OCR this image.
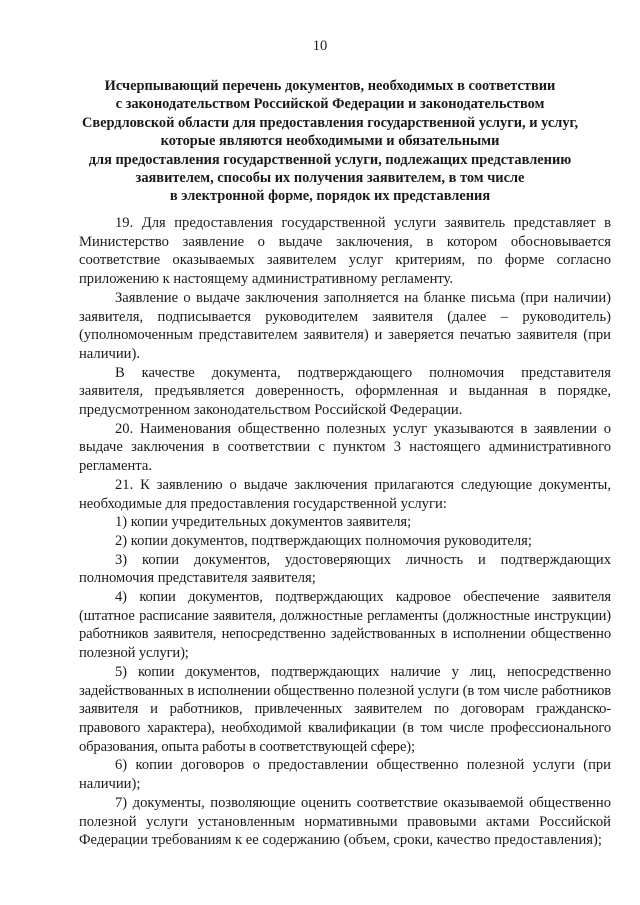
10
Исчерпывающий перечень документов, необходимых в соответствии
с законодательством Российской Федерации и законодательством
Свердловской области для предоставления государственной услуги, и услуг,
которые являются необходимыми и обязательными
для предоставления государственной услуги, подлежащих представлению
заявителем, способы их получения заявителем, в том числе
в электронной форме, порядок их представления

19. Для предоставления государственной услуги заявитель представляет в Министерство заявление о выдаче заключения, в котором обосновывается соответствие оказываемых заявителем услуг критериям, по форме согласно приложению к настоящему административному регламенту.

Заявление о выдаче заключения заполняется на бланке письма (при наличии) заявителя, подписывается руководителем заявителя (далее – руководитель) (уполномоченным представителем заявителя) и заверяется печатью заявителя (при наличии).

В качестве документа, подтверждающего полномочия представителя заявителя, предъявляется доверенность, оформленная и выданная в порядке, предусмотренном законодательством Российской Федерации.

20. Наименования общественно полезных услуг указываются в заявлении о выдаче заключения в соответствии с пунктом 3 настоящего административного регламента.

21. К заявлению о выдаче заключения прилагаются следующие документы, необходимые для предоставления государственной услуги:

1) копии учредительных документов заявителя;

2) копии документов, подтверждающих полномочия руководителя;

3) копии документов, удостоверяющих личность и подтверждающих полномочия представителя заявителя;

4) копии документов, подтверждающих кадровое обеспечение заявителя (штатное расписание заявителя, должностные регламенты (должностные инструкции) работников заявителя, непосредственно задействованных в исполнении общественно полезной услуги);

5) копии документов, подтверждающих наличие у лиц, непосредственно задействованных в исполнении общественно полезной услуги (в том числе работников заявителя и работников, привлеченных заявителем по договорам гражданско-правового характера), необходимой квалификации (в том числе профессионального образования, опыта работы в соответствующей сфере);

6) копии договоров о предоставлении общественно полезной услуги (при наличии);

7) документы, позволяющие оценить соответствие оказываемой общественно полезной услуги установленным нормативными правовыми актами Российской Федерации требованиям к ее содержанию (объем, сроки, качество предоставления);
